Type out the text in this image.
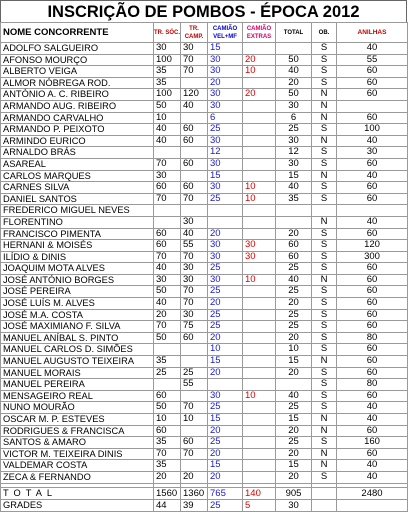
INSCRIÇÃO DE POMBOS - ÉPOCA 2012
NOME CONCORRENTE	TR. SÓC.	TR. CAMP.	CAMIÃO VEL+MF	CAMIÃO EXTRAS	TOTAL	OB.	ANILHAS
ADOLFO SALGUEIRO	30	30	15			S	40
AFONSO MOURÇO	100	70	30	20	50	S	55
ALBERTO VEIGA	35	70	30	10	40	S	60
ALMOR NÓBREGA ROD.	35		20		20	S	60
ANTÓNIO A. C. RIBEIRO	100	120	30	20	50	N	60
ARMANDO AUG. RIBEIRO	50	40	30		30	N	
ARMANDO CARVALHO	10		6		6	N	60
ARMANDO P. PEIXOTO	40	60	25		25	S	100
ARMINDO EURICO	40	60	30		30	N	40
ARNALDO BRÁS			12		12	S	30
ASAREAL	70	60	30		30	S	60
CARLOS MARQUES	30		15		15	N	40
CARNES SILVA	60	60	30	10	40	S	60
DANIEL SANTOS	70	70	25	10	35	S	60
FREDERICO MIGUEL NEVES							
FLORENTINO		30				N	40
FRANCISCO PIMENTA	60	40	20		20	S	60
HERNANI & MOISÉS	60	55	30	30	60	S	120
ILÍDIO & DINIS	70	70	30	30	60	S	300
JOAQUIM MOTA ALVES	40	30	25		25	S	60
JOSÉ ANTÓNIO BORGES	30	30	30	10	40	N	60
JOSÉ PEREIRA	50	70	25		25	S	60
JOSÉ LUÍS M. ALVES	40	70	20		20	S	60
JOSÉ M.A. COSTA	20	30	25		25	S	60
JOSÉ MAXIMIANO F. SILVA	70	75	25		25	S	60
MANUEL ANÍBAL S. PINTO	50	60	20		20	S	80
MANUEL CARLOS D. SIMÕES			10		10	S	60
MANUEL AUGUSTO TEIXEIRA	35		15		15	N	60
MANUEL MORAIS	25	25	20		20	S	60
MANUEL PEREIRA		55				S	80
MENSAGEIRO REAL	60		30	10	40	S	60
NUNO MOURÃO	50	70	25		25	S	40
OSCAR M. P. ESTEVES	10	10	15		15	N	40
RODRIGUES & FRANCISCA	60		20		20	N	60
SANTOS & AMARO	35	60	25		25	S	160
VICTOR M. TEIXEIRA DINIS	70	70	20		20	N	60
VALDEMAR COSTA	35		15		15	N	40
ZECA & FERNANDO	20	20	20		20	S	40

TOTAL	1560	1360	765	140	905		2480
GRADES	44	39	25	5	30		
